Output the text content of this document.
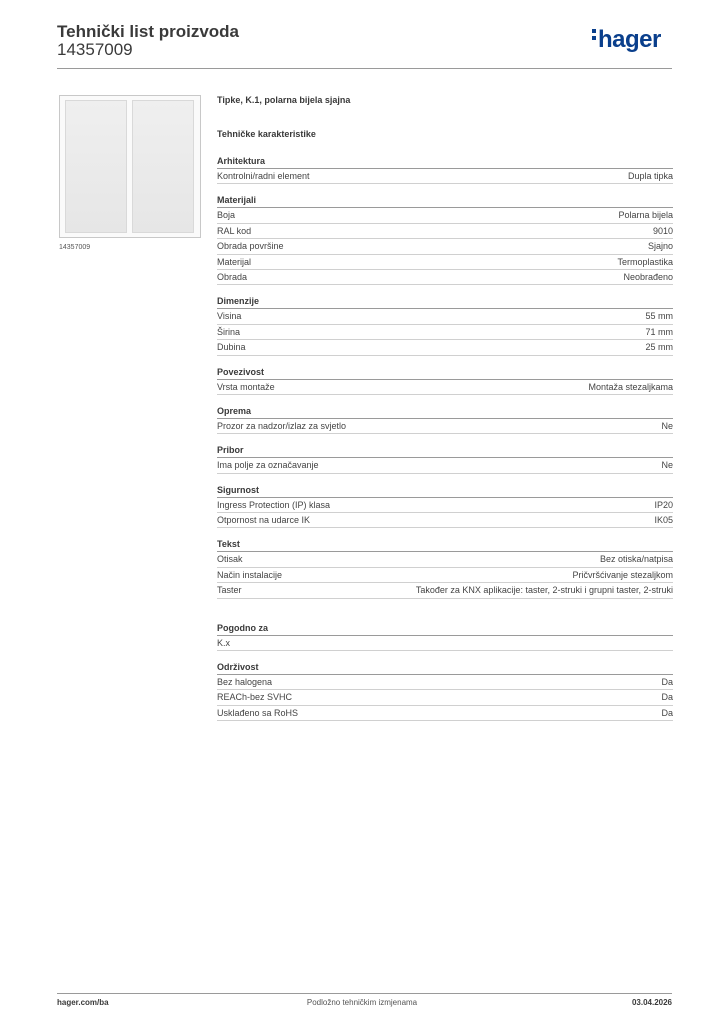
Tehnički list proizvoda
14357009	hager
14357009
Tipke, K.1, polarna bijela sjajna
Tehničke karakteristike
Arhitektura
Kontrolni/radni element	Dupla tipka
Materijali
Boja	Polarna bijela
RAL kod	9010
Obrada površine	Sjajno
Materijal	Termoplastika
Obrada	Neobrađeno
Dimenzije
Visina	55 mm
Širina	71 mm
Dubina	25 mm
Povezivost
Vrsta montaže	Montaža stezaljkama
Oprema
Prozor za nadzor/izlaz za svjetlo	Ne
Pribor
Ima polje za označavanje	Ne
Sigurnost
Ingress Protection (IP) klasa	IP20
Otpornost na udarce IK	IK05
Tekst
Otisak	Bez otiska/natpisa
Način instalacije	Pričvršćivanje stezaljkom
Taster	Također za KNX aplikacije: taster, 2-struki i grupni taster, 2-struki
Pogodno za
K.x
Održivost
Bez halogena	Da
REACh-bez SVHC	Da
Usklađeno sa RoHS	Da
hager.com/ba	Podložno tehničkim izmjenama	03.04.2026
